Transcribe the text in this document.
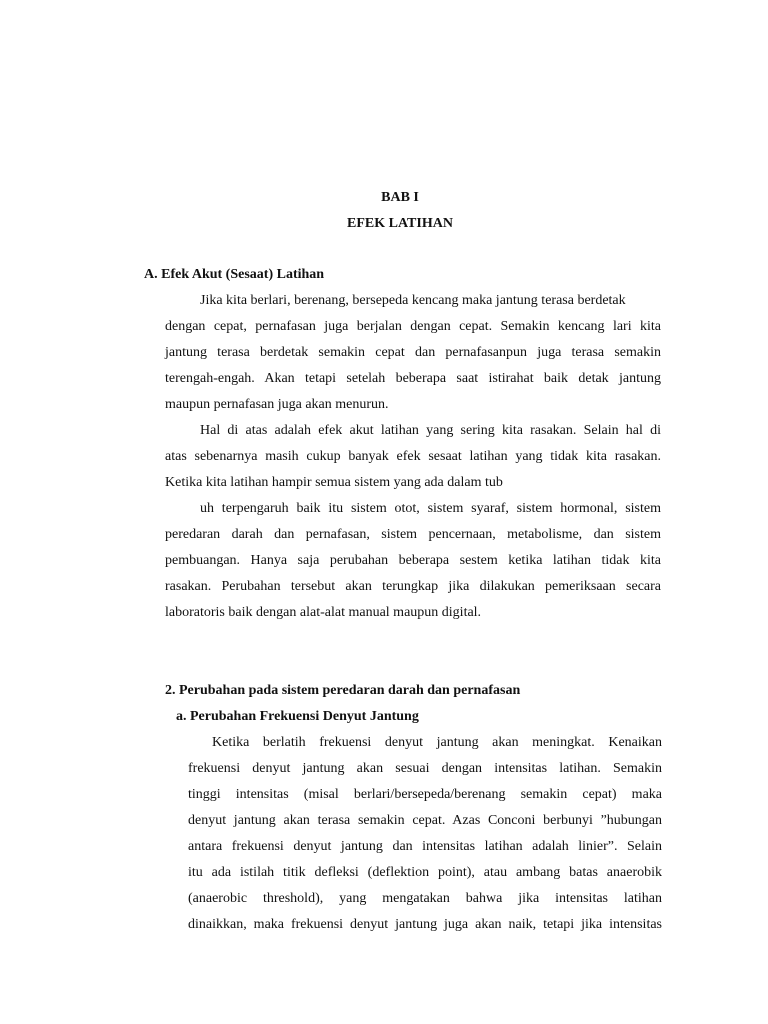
BAB I
EFEK LATIHAN
A. Efek Akut (Sesaat) Latihan
Jika kita berlari, berenang, bersepeda kencang maka jantung terasa berdetak
dengan cepat, pernafasan juga berjalan dengan cepat. Semakin kencang lari kita
jantung terasa berdetak semakin cepat dan pernafasanpun juga terasa semakin
terengah-engah. Akan tetapi setelah beberapa saat istirahat baik detak jantung
maupun pernafasan juga akan menurun.
Hal di atas adalah efek akut latihan yang sering kita rasakan. Selain hal di
atas sebenarnya masih cukup banyak efek sesaat latihan yang tidak kita rasakan.
Ketika kita latihan hampir semua sistem yang ada dalam tub
uh terpengaruh baik itu sistem otot, sistem syaraf, sistem hormonal, sistem
peredaran darah dan pernafasan, sistem pencernaan, metabolisme, dan sistem
pembuangan. Hanya saja perubahan beberapa sestem ketika latihan tidak kita
rasakan. Perubahan tersebut akan terungkap jika dilakukan pemeriksaan secara
laboratoris baik dengan alat-alat manual maupun digital.
2. Perubahan pada sistem peredaran darah dan pernafasan
a. Perubahan Frekuensi Denyut Jantung
Ketika berlatih frekuensi denyut jantung akan meningkat. Kenaikan
frekuensi denyut jantung akan sesuai dengan intensitas latihan. Semakin
tinggi intensitas (misal berlari/bersepeda/berenang semakin cepat) maka
denyut jantung akan terasa semakin cepat. Azas Conconi berbunyi ”hubungan
antara frekuensi denyut jantung dan intensitas latihan adalah linier”. Selain
itu ada istilah titik defleksi (deflektion point), atau ambang batas anaerobik
(anaerobic threshold), yang mengatakan bahwa jika intensitas latihan
dinaikkan, maka frekuensi denyut jantung juga akan naik, tetapi jika intensitas
